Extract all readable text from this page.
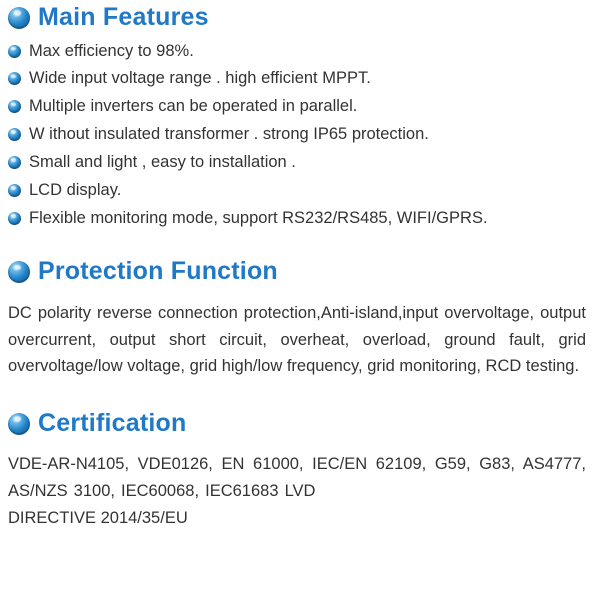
Main Features
Max efficiency to 98%.
Wide input voltage range . high efficient MPPT.
Multiple inverters can be operated in parallel.
W ithout insulated transformer . strong IP65 protection.
Small and light , easy to installation .
LCD display.
Flexible monitoring mode, support RS232/RS485, WIFI/GPRS.
Protection Function

DC polarity reverse connection protection,Anti-island,input overvoltage, output overcurrent, output short circuit, overheat, overload, ground fault, grid overvoltage/low voltage, grid high/low frequency, grid monitoring, RCD testing.

Certification

VDE-AR-N4105, VDE0126, EN 61000, IEC/EN 62109, G59, G83, AS4777, AS/NZS 3100, IEC60068, IEC61683 LVD

DIRECTIVE 2014/35/EU
